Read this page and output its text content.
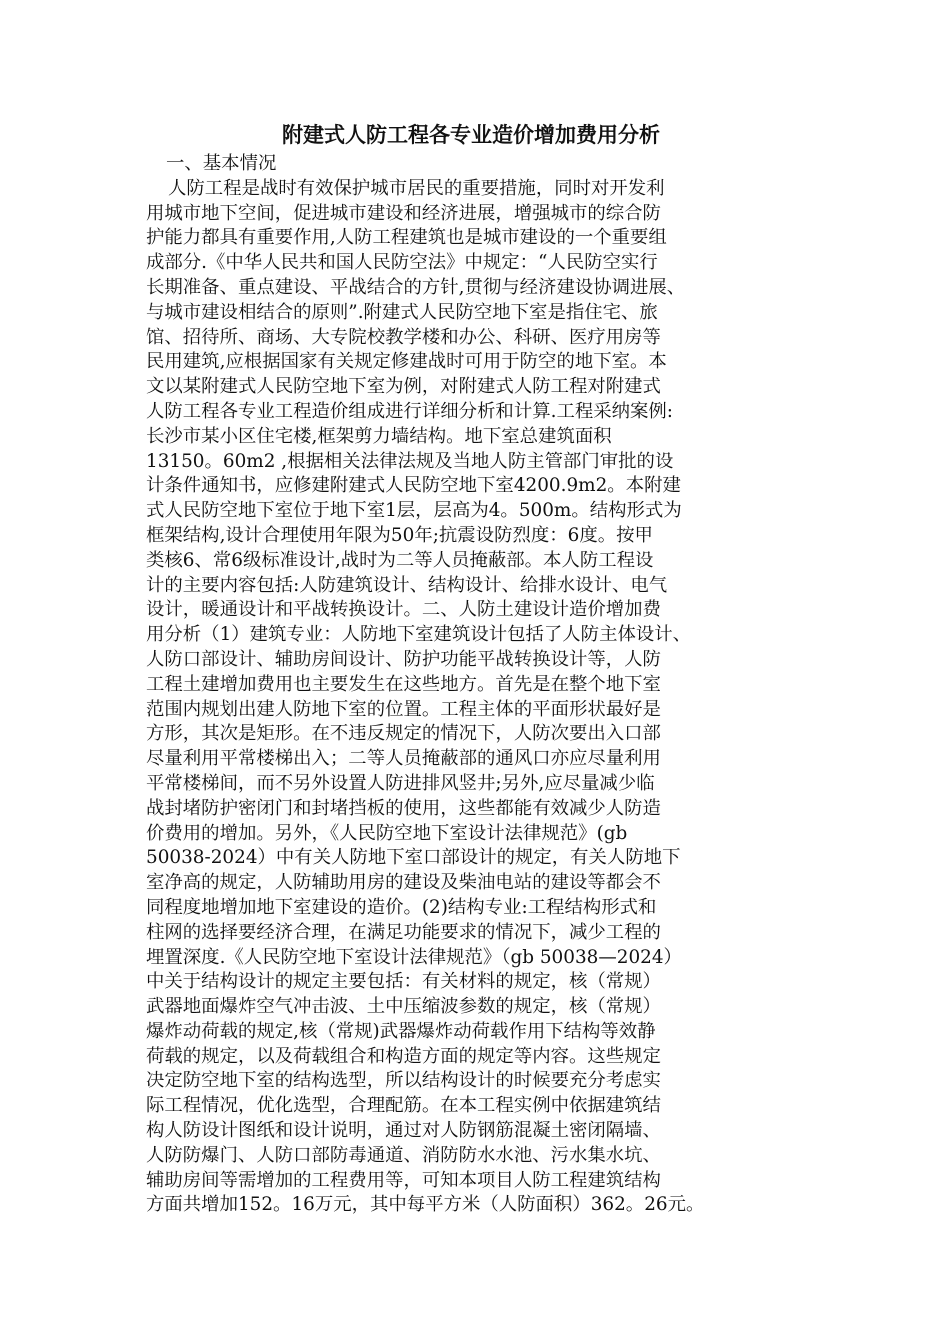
附建式人防工程各专业造价增加费用分析
一、基本情况
人防工程是战时有效保护城市居民的重要措施，同时对开发利
用城市地下空间，促进城市建设和经济进展，增强城市的综合防
护能力都具有重要作用,人防工程建筑也是城市建设的一个重要组
成部分.《中华人民共和国人民防空法》中规定：“人民防空实行
长期准备、重点建设、平战结合的方针,贯彻与经济建设协调进展、
与城市建设相结合的原则”.附建式人民防空地下室是指住宅、旅
馆、招待所、商场、大专院校教学楼和办公、科研、医疗用房等
民用建筑,应根据国家有关规定修建战时可用于防空的地下室。本
文以某附建式人民防空地下室为例，对附建式人防工程对附建式
人防工程各专业工程造价组成进行详细分析和计算.工程采纳案例:
长沙市某小区住宅楼,框架剪力墙结构。地下室总建筑面积
13150。60m2 ,根据相关法律法规及当地人防主管部门审批的设
计条件通知书，应修建附建式人民防空地下室4200.9m2。本附建
式人民防空地下室位于地下室1层，层高为4。500m。结构形式为
框架结构,设计合理使用年限为50年;抗震设防烈度：6度。按甲
类核6、常6级标准设计,战时为二等人员掩蔽部。本人防工程设
计的主要内容包括:人防建筑设计、结构设计、给排水设计、电气
设计，暖通设计和平战转换设计。二、人防土建设计造价增加费
用分析（1）建筑专业：人防地下室建筑设计包括了人防主体设计、
人防口部设计、辅助房间设计、防护功能平战转换设计等，人防
工程土建增加费用也主要发生在这些地方。首先是在整个地下室
范围内规划出建人防地下室的位置。工程主体的平面形状最好是
方形，其次是矩形。在不违反规定的情况下，人防次要出入口部
尽量利用平常楼梯出入；二等人员掩蔽部的通风口亦应尽量利用
平常楼梯间，而不另外设置人防进排风竖井;另外,应尽量减少临
战封堵防护密闭门和封堵挡板的使用，这些都能有效减少人防造
价费用的增加。另外，《人民防空地下室设计法律规范》(gb
50038-2024）中有关人防地下室口部设计的规定，有关人防地下
室净高的规定，人防辅助用房的建设及柴油电站的建设等都会不
同程度地增加地下室建设的造价。(2)结构专业:工程结构形式和
柱网的选择要经济合理，在满足功能要求的情况下，减少工程的
埋置深度.《人民防空地下室设计法律规范》（gb 50038—2024）
中关于结构设计的规定主要包括：有关材料的规定，核（常规）
武器地面爆炸空气冲击波、土中压缩波参数的规定，核（常规）
爆炸动荷载的规定,核（常规)武器爆炸动荷载作用下结构等效静
荷载的规定，以及荷载组合和构造方面的规定等内容。这些规定
决定防空地下室的结构选型，所以结构设计的时候要充分考虑实
际工程情况，优化选型，合理配筋。在本工程实例中依据建筑结
构人防设计图纸和设计说明，通过对人防钢筋混凝土密闭隔墙、
人防防爆门、人防口部防毒通道、消防防水水池、污水集水坑、
辅助房间等需增加的工程费用等，可知本项目人防工程建筑结构
方面共增加152。16万元，其中每平方米（人防面积）362。26元。
